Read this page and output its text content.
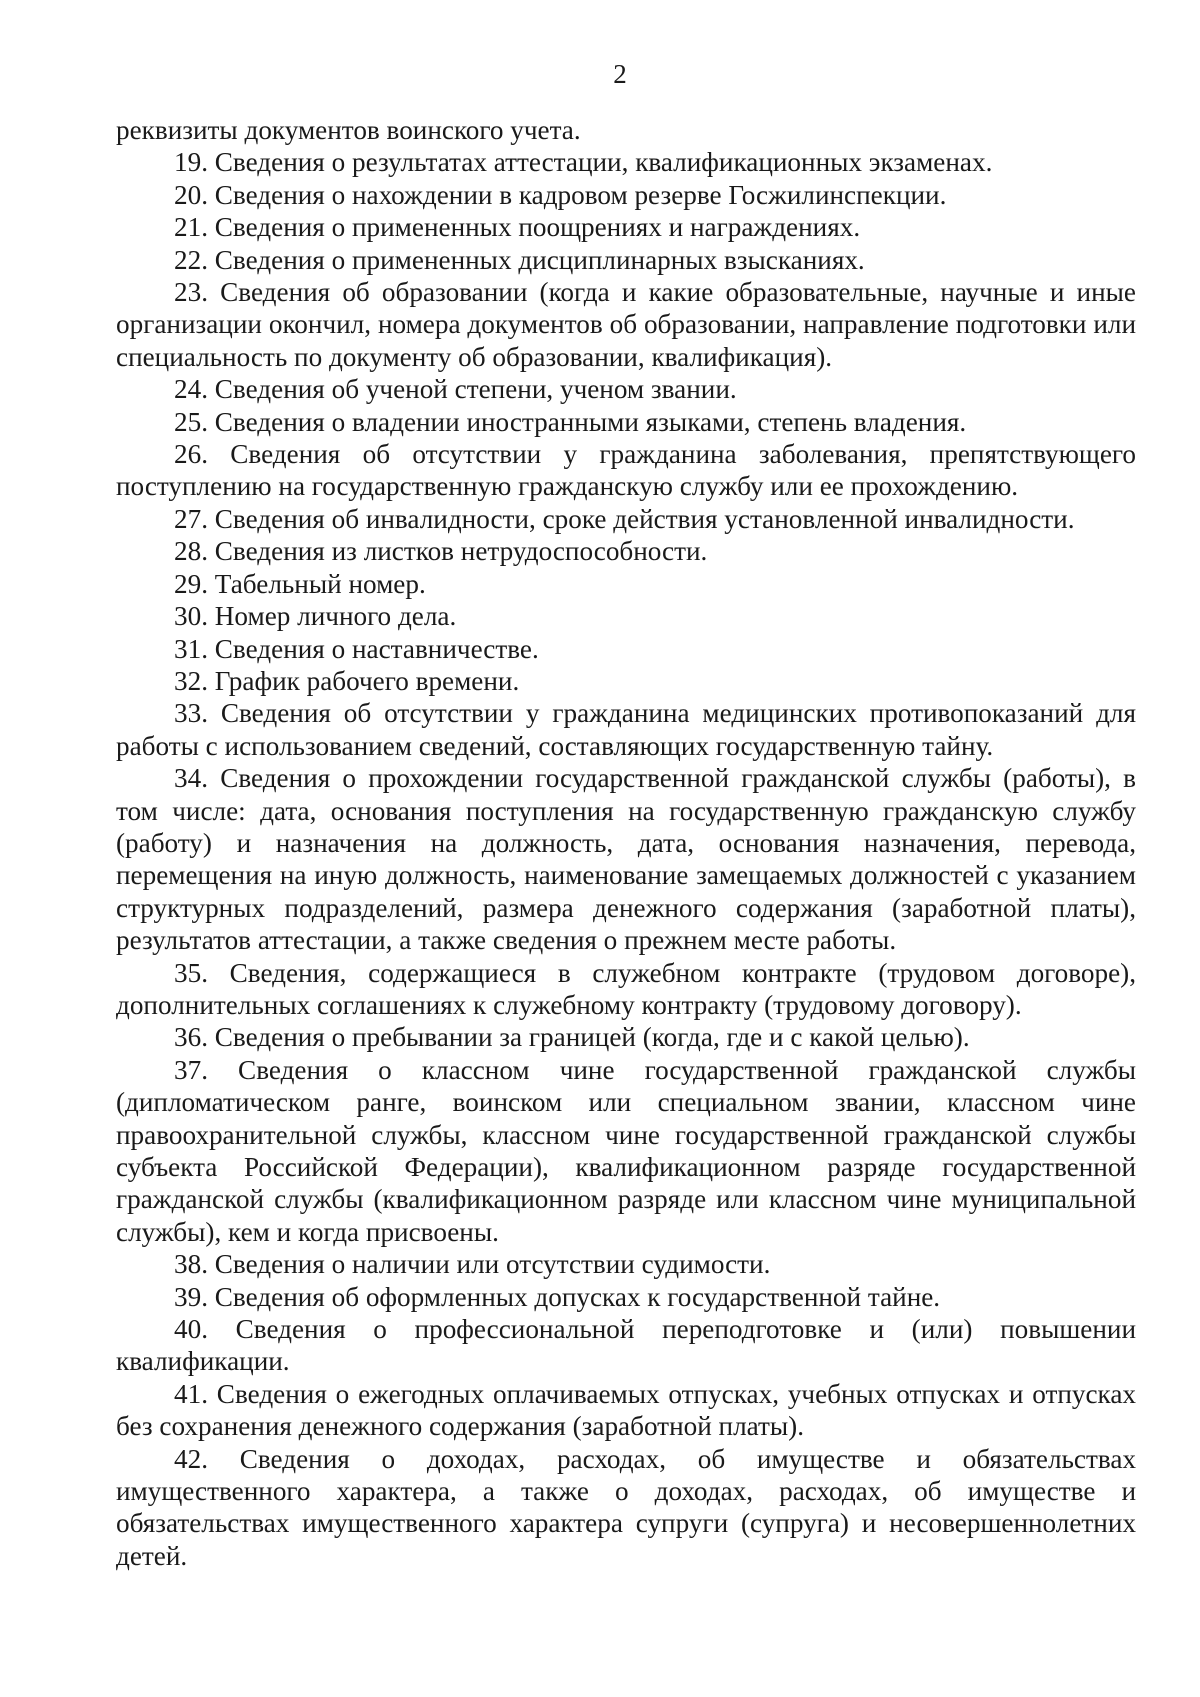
2

реквизиты документов воинского учета.

19. Сведения о результатах аттестации, квалификационных экзаменах.

20. Сведения о нахождении в кадровом резерве Госжилинспекции.

21. Сведения о примененных поощрениях и награждениях.

22. Сведения о примененных дисциплинарных взысканиях.

23. Сведения об образовании (когда и какие образовательные, научные и иные организации окончил, номера документов об образовании, направление подготовки или специальность по документу об образовании, квалификация).

24. Сведения об ученой степени, ученом звании.

25. Сведения о владении иностранными языками, степень владения.

26. Сведения об отсутствии у гражданина заболевания, препятствующего поступлению на государственную гражданскую службу или ее прохождению.

27. Сведения об инвалидности, сроке действия установленной инвалидности.

28. Сведения из листков нетрудоспособности.

29. Табельный номер.

30. Номер личного дела.

31. Сведения о наставничестве.

32. График рабочего времени.

33. Сведения об отсутствии у гражданина медицинских противопоказаний для работы с использованием сведений, составляющих государственную тайну.

34. Сведения о прохождении государственной гражданской службы (работы), в том числе: дата, основания поступления на государственную гражданскую службу (работу) и назначения на должность, дата, основания назначения, перевода, перемещения на иную должность, наименование замещаемых должностей с указанием структурных подразделений, размера денежного содержания (заработной платы), результатов аттестации, а также сведения о прежнем месте работы.

35. Сведения, содержащиеся в служебном контракте (трудовом договоре), дополнительных соглашениях к служебному контракту (трудовому договору).

36. Сведения о пребывании за границей (когда, где и с какой целью).

37. Сведения о классном чине государственной гражданской службы (дипломатическом ранге, воинском или специальном звании, классном чине правоохранительной службы, классном чине государственной гражданской службы субъекта Российской Федерации), квалификационном разряде государственной гражданской службы (квалификационном разряде или классном чине муниципальной службы), кем и когда присвоены.

38. Сведения о наличии или отсутствии судимости.

39. Сведения об оформленных допусках к государственной тайне.

40. Сведения о профессиональной переподготовке и (или) повышении квалификации.

41. Сведения о ежегодных оплачиваемых отпусках, учебных отпусках и отпусках без сохранения денежного содержания (заработной платы).

42. Сведения о доходах, расходах, об имуществе и обязательствах имущественного характера, а также о доходах, расходах, об имуществе и обязательствах имущественного характера супруги (супруга) и несовершеннолетних детей.
